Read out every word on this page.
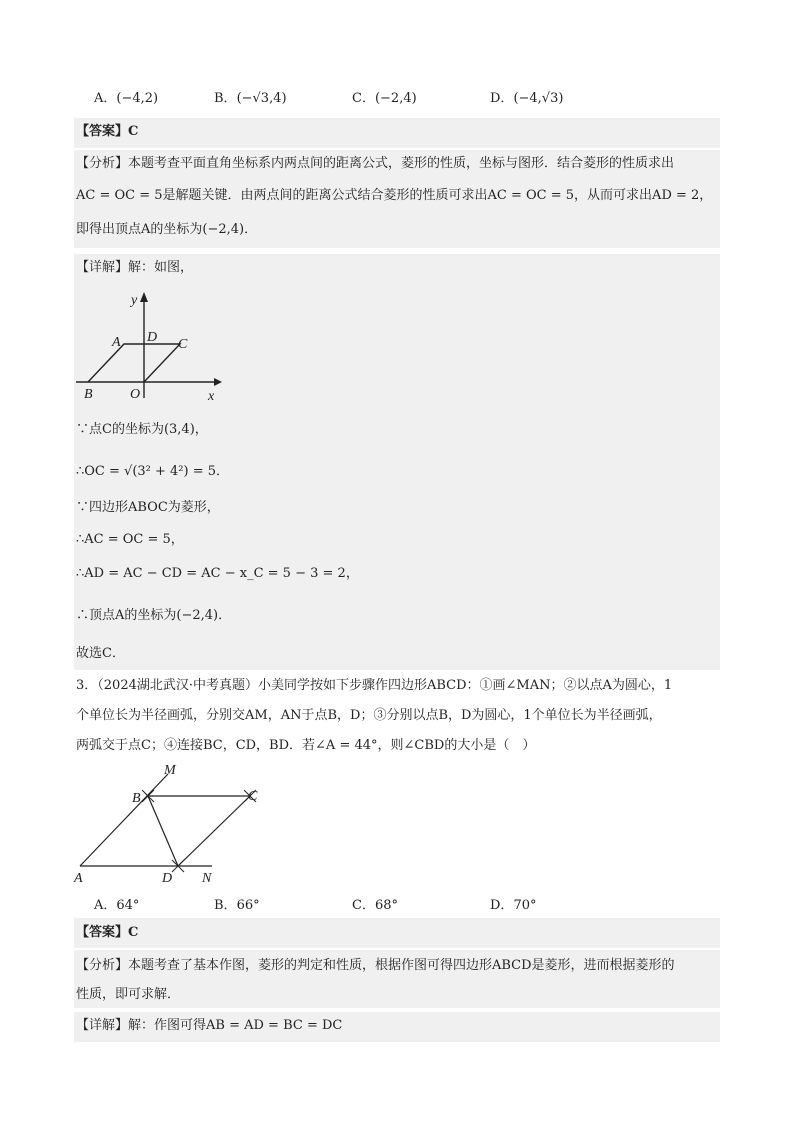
A．(−4,2)	B．(−√3,4)	C．(−2,4)	D．(−4,√3)
【答案】C
【分析】本题考查平面直角坐标系内两点间的距离公式，菱形的性质，坐标与图形．结合菱形的性质求出
AC = OC = 5是解题关键．由两点间的距离公式结合菱形的性质可求出AC = OC = 5，从而可求出AD = 2，
即得出顶点A的坐标为(−2,4)．
【详解】解：如图，
y
x
A D C
B	O
∵点C的坐标为(3,4)，
∴OC = √(3² + 4²) = 5．
∵四边形ABOC为菱形，
∴AC = OC = 5，
∴AD = AC − CD = AC − x_C = 5 − 3 = 2，
∴顶点A的坐标为(−2,4)．
故选C．
3．（2024湖北武汉·中考真题）小美同学按如下步骤作四边形ABCD：①画∠MAN；②以点A为圆心，1
个单位长为半径画弧，分别交AM，AN于点B，D；③分别以点B，D为圆心，1个单位长为半径画弧，
两弧交于点C；④连接BC，CD，BD．若∠A = 44°，则∠CBD的大小是（　）
M
B	C
A	D N
A．64°	B．66°	C．68°	D．70°
【答案】C
【分析】本题考查了基本作图，菱形的判定和性质，根据作图可得四边形ABCD是菱形，进而根据菱形的
性质，即可求解．
【详解】解：作图可得AB = AD = BC = DC
